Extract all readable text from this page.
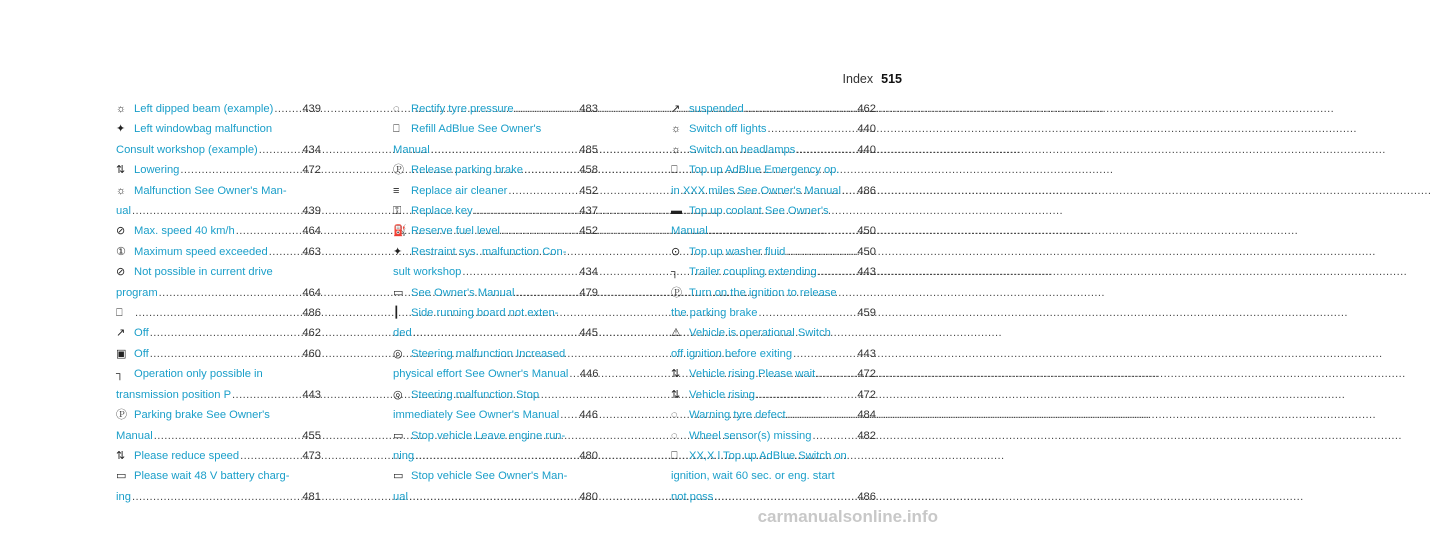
Index 515
☼ Left dipped beam (example) .....	439
✦ Left windowbag malfunction
Consult workshop (example) .....	434
⇅ Lowering .....	472
☼ Malfunction See Owner's Man-
ual .....	439
⊘ Max. speed 40 km/h .....	464
① Maximum speed exceeded .....	463
⊘ Not possible in current drive
program .....	464
⎕ .....	486
↗ Off .....	462
▣ Off .....	460
┐ Operation only possible in
transmission position P .....	443
Ⓟ Parking brake See Owner's
Manual .....	455
⇅ Please reduce speed .....	473
▭ Please wait 48 V battery charg-
ing .....	481
◌	Rectify tyre pressure .....	483
⎕	Refill AdBlue See Owner's
Manual .....	485
Ⓟ Release parking brake .....	458
≡	Replace air cleaner .....	452
⚿ Replace key .....	437
⛽ Reserve fuel level .....	452
✦ Restraint sys. malfunction Con-
sult workshop .....	434
▭ See Owner's Manual .....	479
┃	Side running board not exten-
ded .....	445
◎ Steering malfunction Increased
physical effort See Owner's Manual ..... 446
◎ Steering malfunction Stop
immediately See Owner's Manual ..... 446
▭ Stop vehicle Leave engine run-
ning .....	480
▭ Stop vehicle See Owner's Man-
ual .....	480
↗ suspended .....	462
☼ Switch off lights .....	440
☼ Switch on headlamps .....	440
⎕	Top up AdBlue Emergency op.
in XXX miles See Owner's Manual ..... 486
▬ Top up coolant See Owner's
Manual .....	450
⊙ Top up washer fluid .....	450
┐ Trailer coupling extending .....	443
Ⓟ Turn on the ignition to release
the parking brake .....	459
⚠ Vehicle is operational Switch
off ignition before exiting .....	443
⇅ Vehicle rising Please wait .....	472
⇅ Vehicle rising .....	472
◌	Warning tyre defect .....	484
◌	Wheel sensor(s) missing .....	482
⎕	XX,X l Top up AdBlue Switch on
ignition, wait 60 sec. or eng. start
not poss .....	486
carmanualsonline.info
